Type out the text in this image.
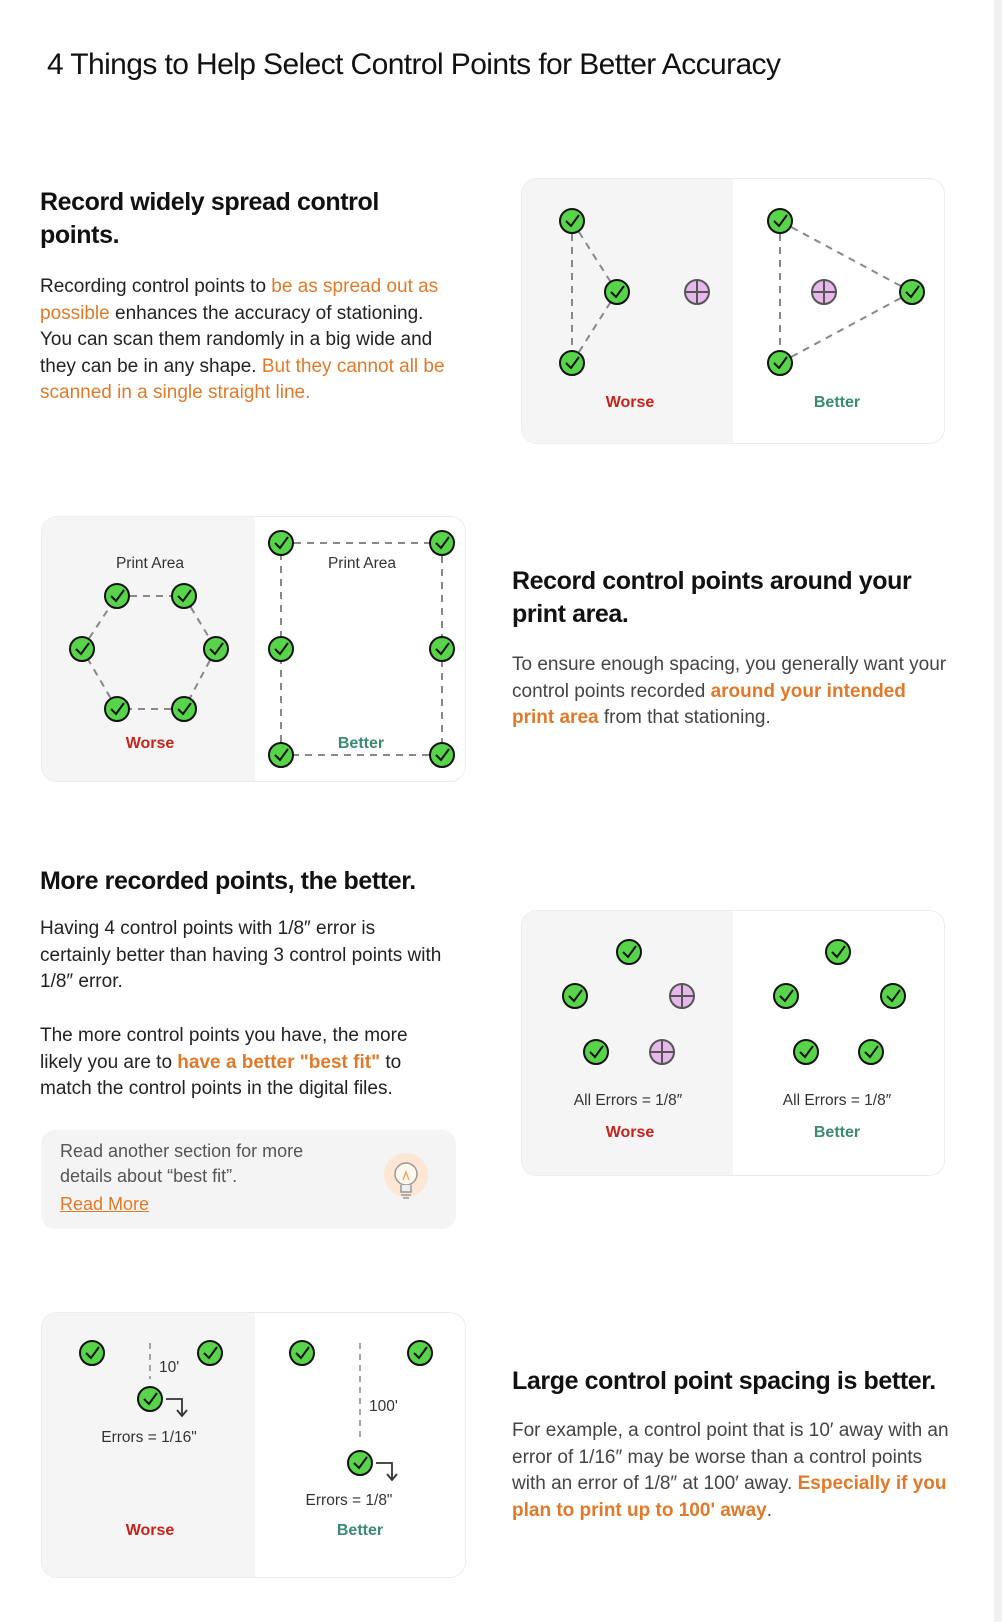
4 Things to Help Select Control Points for Better Accuracy
Record widely spread control points.

Recording control points to be as spread out as possible enhances the accuracy of stationing. You can scan them randomly in a big wide and they can be in any shape. But they cannot all be scanned in a single straight line.	Worse	Better
Print Area	Print Area
Worse	Better
Record control points around your print area.

To ensure enough spacing, you generally want your control points recorded around your intended print area from that stationing.

More recorded points, the better.

Having 4 control points with 1/8″ error is certainly better than having 3 control points with 1/8″ error.

The more control points you have, the more likely you are to have a better "best fit" to match the control points in the digital files.

Read another section for more details about “best fit”.
Read More
All Errors = 1/8″	All Errors = 1/8″
Worse	Better
10'
100'
Errors = 1/16"
Errors = 1/8"
Worse	Better
Large control point spacing is better.

For example, a control point that is 10′ away with an error of 1/16″ may be worse than a control points with an error of 1/8″ at 100′ away. Especially if you plan to print up to 100' away.
